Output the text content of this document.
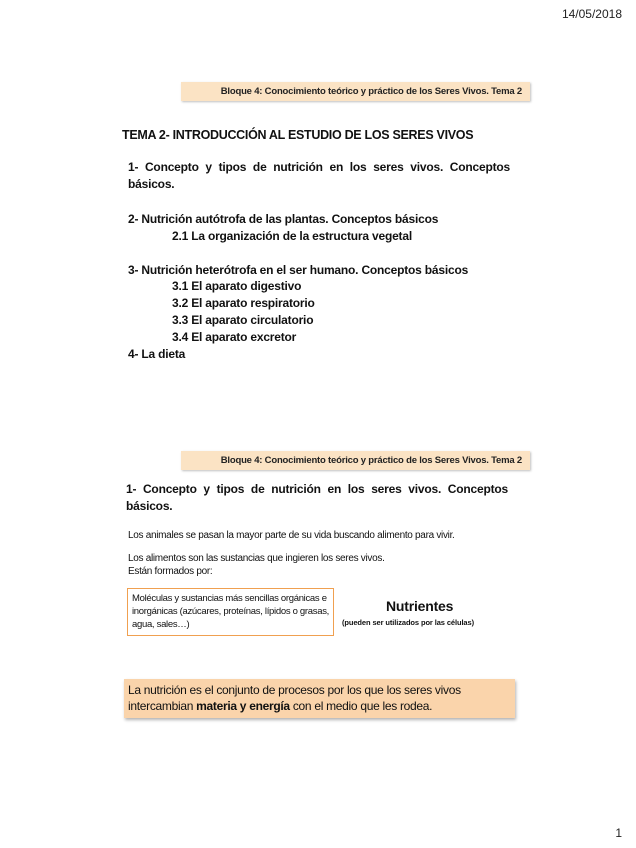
14/05/2018
Bloque 4: Conocimiento teórico y práctico de los Seres Vivos. Tema 2
TEMA 2- INTRODUCCIÓN AL ESTUDIO DE LOS SERES VIVOS
1- Concepto y tipos de nutrición en los seres vivos. Conceptos básicos.
2- Nutrición autótrofa de las plantas. Conceptos básicos
2.1 La organización de la estructura vegetal
3- Nutrición heterótrofa en el ser humano. Conceptos básicos
3.1 El aparato digestivo
3.2 El aparato respiratorio
3.3 El aparato circulatorio
3.4 El aparato excretor
4- La dieta
Bloque 4: Conocimiento teórico y práctico de los Seres Vivos. Tema 2
1- Concepto y tipos de nutrición en los seres vivos. Conceptos básicos.
Los animales se pasan la mayor parte de su vida buscando alimento para vivir.
Los alimentos son las sustancias que ingieren los seres vivos.
Están formados por:
Moléculas y sustancias más sencillas orgánicas e inorgánicas (azúcares, proteínas, lípidos o grasas, agua, sales…)
Nutrientes
(pueden ser utilizados por las células)
La nutrición es el conjunto de procesos por los que los seres vivos intercambian materia y energía con el medio que les rodea.
1
